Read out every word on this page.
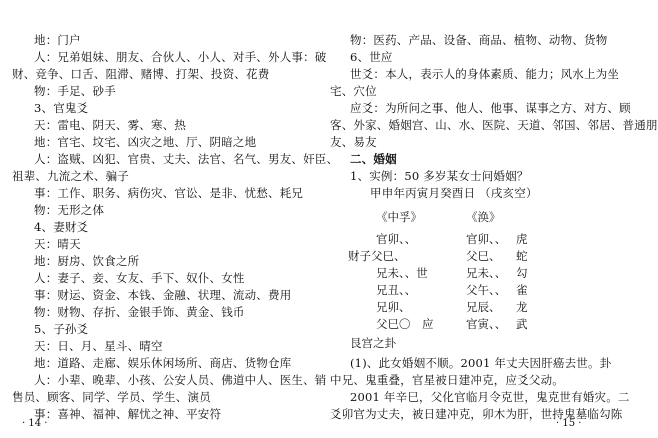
地：门户
人：兄弟姐妹、朋友、合伙人、小人、对手、外人事：破
财、竞争、口舌、阻滞、赌博、打架、投资、花费
物：手足、砂手
3、官鬼爻
天：雷电、阴天、雾、寒、热
地：官宅、坟宅、凶灾之地、厅、阴暗之地
人：盗贼、凶犯、官贵、丈夫、法官、名气、男友、奸臣、
祖辈、九流之术、骗子
事：工作、职务、病伤灾、官讼、是非、忧愁、耗兄
物：无形之体
4、妻财爻
天：晴天
地：厨房、饮食之所
人：妻子、妾、女友、手下、奴仆、女性
事：财运、资金、本钱、金融、状理、流动、费用
物：财物、存折、金银手饰、黄金、钱币
5、子孙爻
天：日、月、星斗、晴空
地：道路、走廊、娱乐休闲场所、商店、货物仓库
人：小辈、晚辈、小孩、公安人员、佛道中人、医生、销
售员、顾客、同学、学员、学生、演员
事：喜神、福神、解忧之神、平安符
· 14 ·
物：医药、产品、设备、商品、植物、动物、货物
6、世应
世爻：本人，表示人的身体素质、能力；风水上为坐
宅、穴位
应爻：为所问之事、他人、他事、谋事之方、对方、顾
客、外家、婚姻宫、山、水、医院、天道、邻国、邻居、普通朋
友、易友
二、婚姻
1、实例：50 多岁某女士问婚姻？
甲申年丙寅月癸酉日 （戌亥空）
《中孚》	《涣》
官卯、、
财子父巳、
兄未、、世
兄丑、、
兄卯、
父巳〇　应
官卯、、
父巳、
兄未、、
父午、、
兄辰、
官寅、、
虎
蛇
勾
雀
龙
武
艮宫之卦
(1)、此女婚姻不顺。2001 年丈夫因肝癌去世。卦
中兄、鬼重叠，官星被日建冲克，应爻父动。
2001 年辛巳，父化官临月令克世，鬼克世有婚灾。二
爻卯官为丈夫，被日建冲克，卯木为肝，世持鬼墓临勾陈
· 15 ·
